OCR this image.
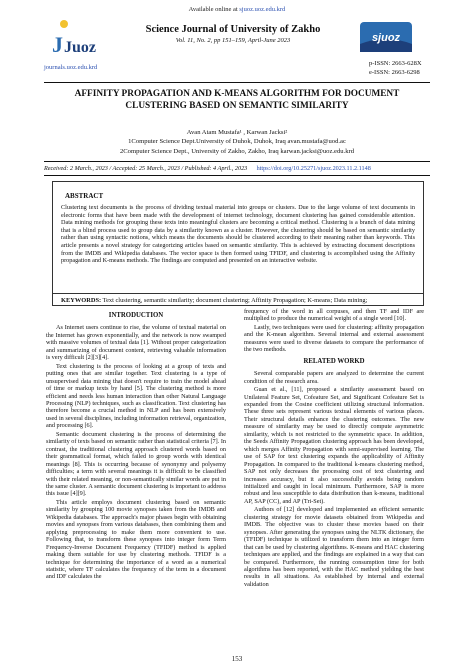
Available online at sjuoz.uoz.edu.krd
J Juoz
journals.uoz.edu.krd
Science Journal of University of Zakho
Vol. 11, No. 2, pp 151–159, April-June 2023	sjuoz
p-ISSN: 2663-628X
e-ISSN: 2663-6298
AFFINITY PROPAGATION AND K-MEANS ALGORITHM FOR DOCUMENT
CLUSTERING BASED ON SEMANTIC SIMILARITY
Avan Atam Mustafa¹ , Karwan Jacksi²
1Computer Science Dept.University of Duhok, Duhok, Iraq avan.mustafa@uod.ac
2Computer Science Dept., University of Zakho, Zakho, Iraq karwan.jacksi@uoz.edu.krd
Received: 2 March., 2023 / Accepted: 25 March., 2023 / Published: 4 April., 2023 https://doi.org/10.25271/sjuoz.2023.11.2.1148
ABSTRACT

Clustering text documents is the process of dividing textual material into groups or clusters. Due to the large volume of text documents in electronic forms that have been made with the development of internet technology, document clustering has gained considerable attention. Data mining methods for grouping these texts into meaningful clusters are becoming a critical method. Clustering is a branch of data mining that is a blind process used to group data by a similarity known as a cluster. However, the clustering should be based on semantic similarity rather than using syntactic notions, which means the documents should be clustered according to their meaning rather than keywords. This article presents a novel strategy for categorizing articles based on semantic similarity. This is achieved by extracting document descriptions from the IMDB and Wikipedia databases. The vector space is then formed using TFIDF, and clustering is accomplished using the Affinity propagation and K-means methods. The findings are computed and presented on an interactive website.

KEYWORDS: Text clustering, semantic similarity; document clustering; Affinity Propagation; K-means; Data mining;
INTRODUCTION

As Internet users continue to rise, the volume of textual material on the Internet has grown exponentially, and the network is now swamped with massive volumes of textual data [1]. Without proper categorization and summarizing of document content, retrieving valuable information is very difficult [2][3][4].

Text clustering is the process of looking at a group of texts and putting ones that are similar together. Text clustering is a type of unsupervised data mining that doesn't require to train the model ahead of time or markup texts by hand [5]. The clustering method is more efficient and needs less human interaction than other Natural Language Processing (NLP) techniques, such as classification. Text clustering has therefore become a crucial method in NLP and has been extensively used in several disciplines, including information retrieval, organization, and processing [6].

Semantic document clustering is the process of determining the similarity of texts based on semantic rather than statistical criteria [7]. In contrast, the traditional clustering approach clustered words based on their grammatical format, which failed to group words with identical meanings [8]. This is occurring because of synonymy and polysemy difficulties; a term with several meanings it is difficult to be classified with their related meaning, or non-semantically similar words are put in the same cluster. A semantic document clustering is important to address this issue [4][9].

This article employs document clustering based on semantic similarity by grouping 100 movie synopses taken from the IMDB and Wikipedia databases. The approach's major phases begin with obtaining movies and synopses from various databases, then combining them and applying preprocessing to make them more convenient to use. Following that, to transform these synopses into integer form Term Frequency-Inverse Document Frequency (TFIDF) method is applied making them suitable for use by clustering methods. TFIDF is a technique for determining the importance of a word as a numerical statistic, where TF calculates the frequency of the term in a document and IDF calculates the

frequency of the word in all corpuses, and then TF and IDF are multiplied to produce the numerical weight of a single word [10].

Lastly, two techniques were used for clustering: affinity propagation and the K-mean algorithm. Several internal and external assessment measures were used to diverse datasets to compare the performance of the two methods.

RELATED WORKD

Several comparable papers are analyzed to determine the current condition of the research area.

Guan et al., [11], proposed a similarity assessment based on Unilateral Feature Set, Cofeature Set, and Significant Cofeature Set is expanded from the Cosine coefficient utilizing structural information. These three sets represent various textual elements of various places. Their structural details enhance the clustering outcomes. The new measure of similarity may be used to directly compute asymmetric similarity, which is not restricted to the symmetric space. In addition, the Seeds Affinity Propagation clustering approach has been developed, which merges Affinity Propagation with semi-supervised learning. The use of SAP for text clustering expands the applicability of Affinity Propagation. In compared to the traditional k-means clustering method, SAP not only decreases the processing cost of text clustering and increases accuracy, but it also successfully avoids being random initialized and caught in local minimum. Furthermore, SAP is more robust and less susceptible to data distribution than k-means, traditional AP, SAP (CC), and AP (Tri-Set).

Authors of [12] developed and implemented an efficient semantic clustering strategy for movie datasets obtained from Wikipedia and IMDB. The objective was to cluster these movies based on their synopses. After generating the synopses using the NLTK dictionary, the (TFIDF) technique is utilized to transform them into an integer form that can be used by clustering algorithms. K-means and HAC clustering techniques are applied, and the findings are explained in a way that can be compared. Furthermore, the running consumption time for both algorithms has been reported, with the HAC method yielding the best results in all situations. As established by internal and external validation

153
